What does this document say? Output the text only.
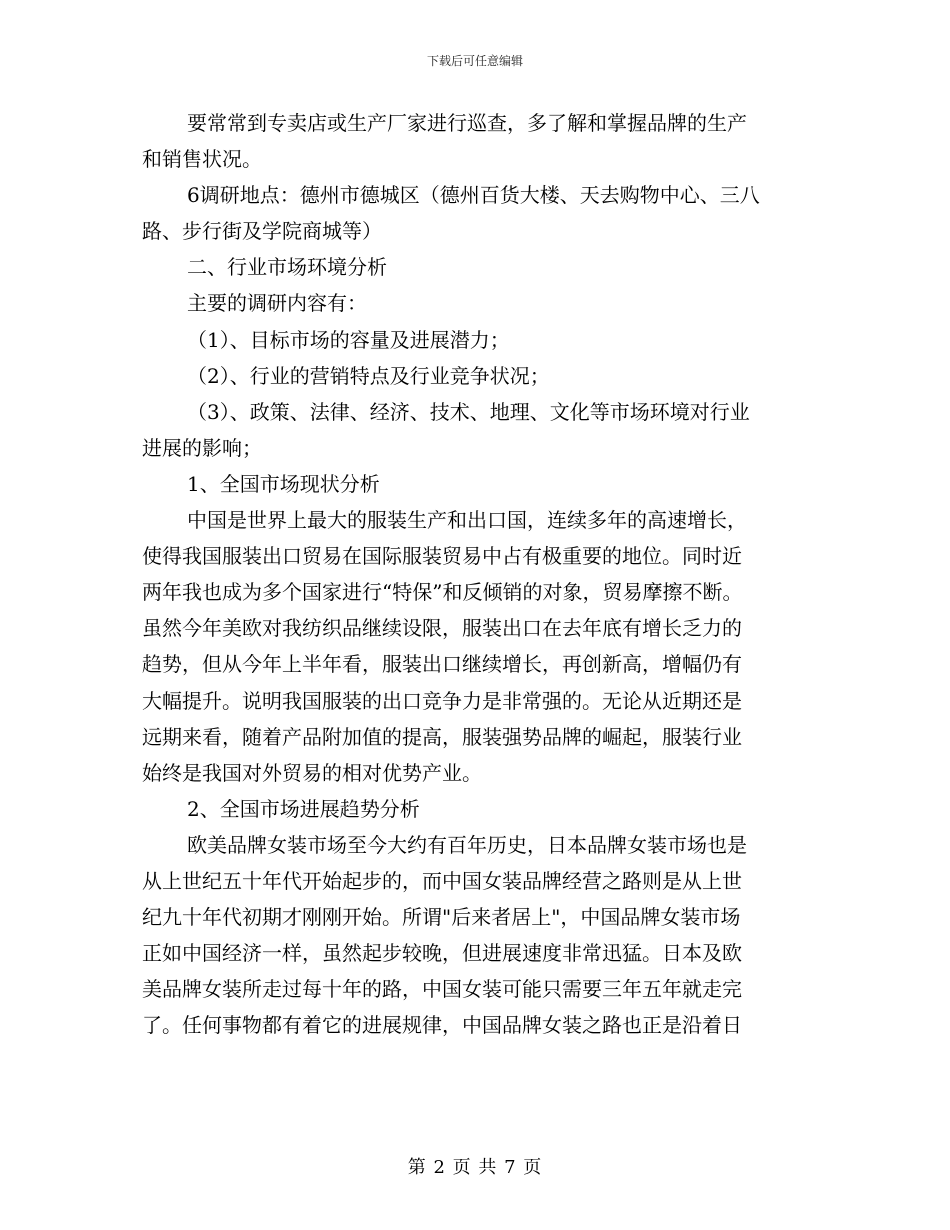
下载后可任意编辑
要常常到专卖店或生产厂家进行巡查，多了解和掌握品牌的生产
和销售状况。
6调研地点：德州市德城区（德州百货大楼、天去购物中心、三八
路、步行街及学院商城等）
二、行业市场环境分析
主要的调研内容有：
（1）、目标市场的容量及进展潜力；
（2）、行业的营销特点及行业竞争状况；
（3）、政策、法律、经济、技术、地理、文化等市场环境对行业
进展的影响；
1、全国市场现状分析
中国是世界上最大的服装生产和出口国，连续多年的高速增长，
使得我国服装出口贸易在国际服装贸易中占有极重要的地位。同时近
两年我也成为多个国家进行“特保”和反倾销的对象，贸易摩擦不断。
虽然今年美欧对我纺织品继续设限，服装出口在去年底有增长乏力的
趋势，但从今年上半年看，服装出口继续增长，再创新高，增幅仍有
大幅提升。说明我国服装的出口竞争力是非常强的。无论从近期还是
远期来看，随着产品附加值的提高，服装强势品牌的崛起，服装行业
始终是我国对外贸易的相对优势产业。
2、全国市场进展趋势分析
欧美品牌女装市场至今大约有百年历史，日本品牌女装市场也是
从上世纪五十年代开始起步的，而中国女装品牌经营之路则是从上世
纪九十年代初期才刚刚开始。所谓"后来者居上"，中国品牌女装市场
正如中国经济一样，虽然起步较晚，但进展速度非常迅猛。日本及欧
美品牌女装所走过每十年的路，中国女装可能只需要三年五年就走完
了。任何事物都有着它的进展规律，中国品牌女装之路也正是沿着日
第 2 页 共 7 页
